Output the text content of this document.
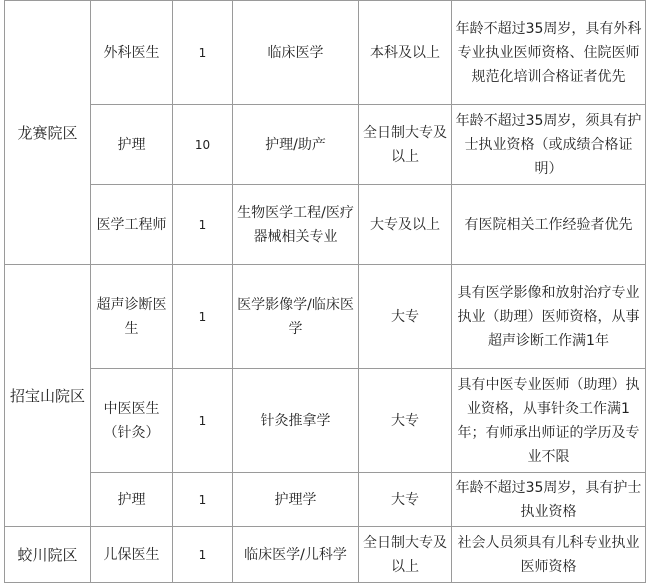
龙赛院区	外科医生	1	临床医学	本科及以上	年龄不超过35周岁，具有外科专业执业医师资格、住院医师规范化培训合格证者优先
	护理	10	护理/助产	全日制大专及以上	年龄不超过35周岁，须具有护士执业资格（或成绩合格证明）
	医学工程师	1	生物医学工程/医疗器械相关专业	大专及以上	有医院相关工作经验者优先
招宝山院区	超声诊断医生	1	医学影像学/临床医学	大专	具有医学影像和放射治疗专业执业（助理）医师资格，从事超声诊断工作满1年
	中医医生（针灸）	1	针灸推拿学	大专	具有中医专业医师（助理）执业资格，从事针灸工作满1年；有师承出师证的学历及专业不限
	护理	1	护理学	大专	年龄不超过35周岁，具有护士执业资格
蛟川院区	儿保医生	1	临床医学/儿科学	全日制大专及以上	社会人员须具有儿科专业执业医师资格
